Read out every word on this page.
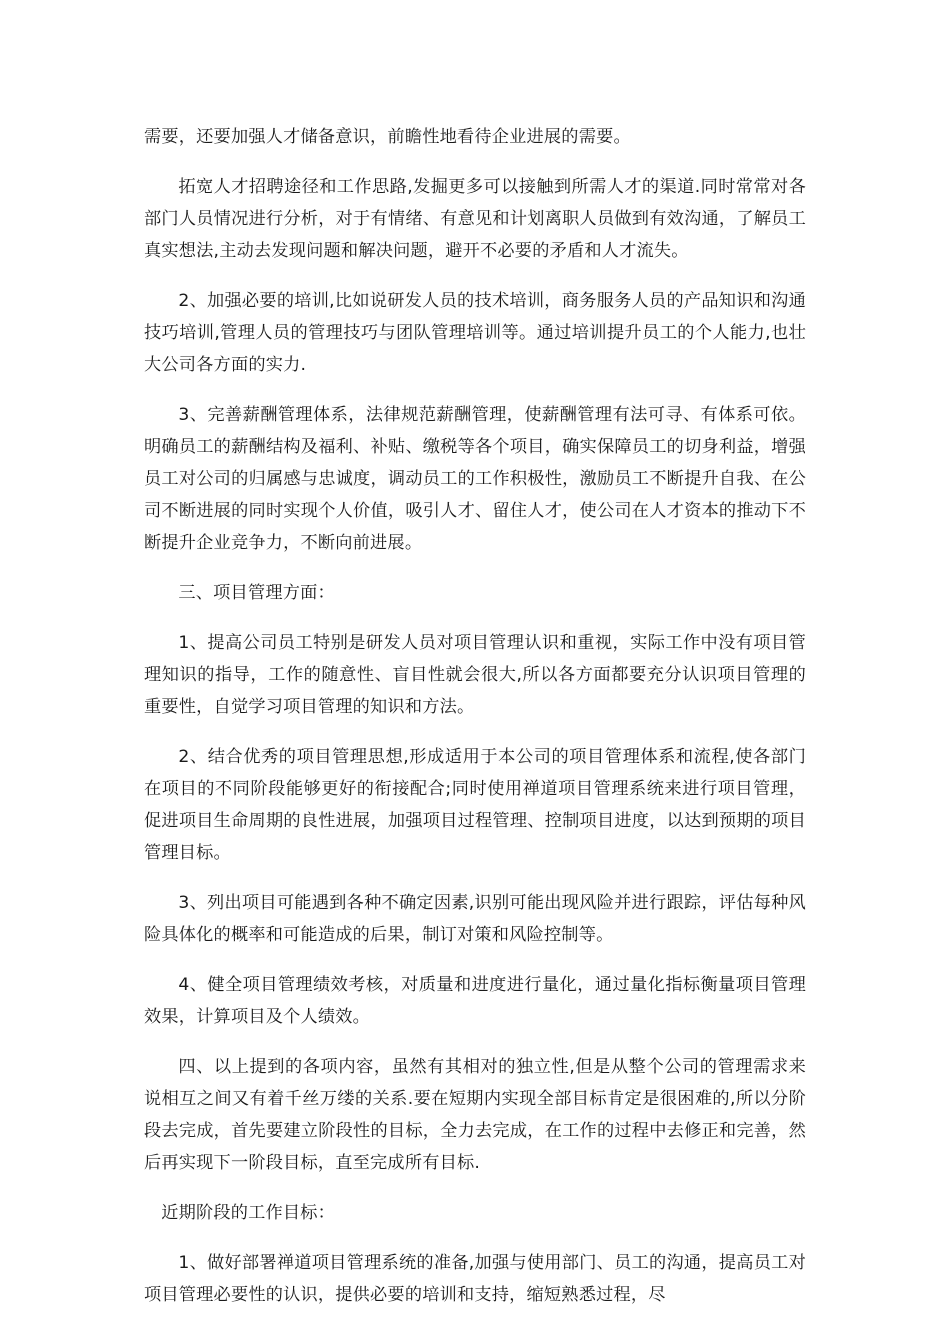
需要，还要加强人才储备意识，前瞻性地看待企业进展的需要。

拓宽人才招聘途径和工作思路,发掘更多可以接触到所需人才的渠道.同时常常对各部门人员情况进行分析，对于有情绪、有意见和计划离职人员做到有效沟通，了解员工真实想法,主动去发现问题和解决问题，避开不必要的矛盾和人才流失。

2、加强必要的培训,比如说研发人员的技术培训，商务服务人员的产品知识和沟通技巧培训,管理人员的管理技巧与团队管理培训等。通过培训提升员工的个人能力,也壮大公司各方面的实力.

3、完善薪酬管理体系，法律规范薪酬管理，使薪酬管理有法可寻、有体系可依。明确员工的薪酬结构及福利、补贴、缴税等各个项目，确实保障员工的切身利益，增强员工对公司的归属感与忠诚度，调动员工的工作积极性，激励员工不断提升自我、在公司不断进展的同时实现个人价值，吸引人才、留住人才，使公司在人才资本的推动下不断提升企业竞争力，不断向前进展。

三、项目管理方面：

1、提高公司员工特别是研发人员对项目管理认识和重视，实际工作中没有项目管理知识的指导，工作的随意性、盲目性就会很大,所以各方面都要充分认识项目管理的重要性，自觉学习项目管理的知识和方法。

2、结合优秀的项目管理思想,形成适用于本公司的项目管理体系和流程,使各部门在项目的不同阶段能够更好的衔接配合;同时使用禅道项目管理系统来进行项目管理，促进项目生命周期的良性进展，加强项目过程管理、控制项目进度，以达到预期的项目管理目标。

3、列出项目可能遇到各种不确定因素,识别可能出现风险并进行跟踪，评估每种风险具体化的概率和可能造成的后果，制订对策和风险控制等。

4、健全项目管理绩效考核，对质量和进度进行量化，通过量化指标衡量项目管理效果，计算项目及个人绩效。

四、以上提到的各项内容，虽然有其相对的独立性,但是从整个公司的管理需求来说相互之间又有着千丝万缕的关系.要在短期内实现全部目标肯定是很困难的,所以分阶段去完成，首先要建立阶段性的目标，全力去完成，在工作的过程中去修正和完善，然后再实现下一阶段目标，直至完成所有目标.

近期阶段的工作目标：

1、做好部署禅道项目管理系统的准备,加强与使用部门、员工的沟通，提高员工对项目管理必要性的认识，提供必要的培训和支持，缩短熟悉过程，尽
